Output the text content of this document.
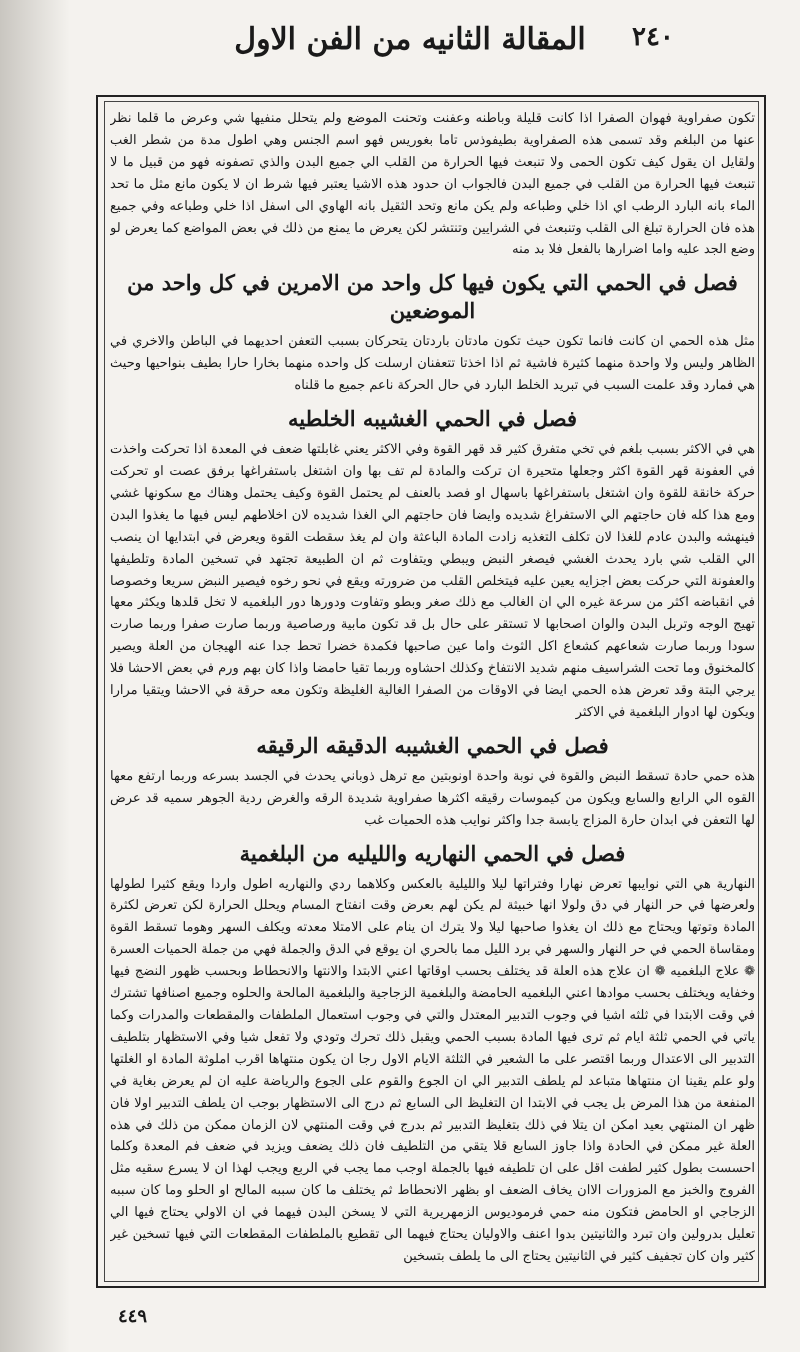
المقالة الثانيه من الفن الاول	٢٤٠

تكون صفراوية فهوان الصفرا اذا كانت قليلة وباطنه وعفنت وتحنت الموضع ولم يتحلل منفيها شي وعرض ما قلما نظر عنها من البلغم وقد تسمى هذه الصفراوية بطيفوذس تاما بغوريس فهو اسم الجنس وهي اطول مدة من شطر الغب ولقايل ان يقول كيف تكون الحمى ولا تنبعث فيها الحرارة من القلب الي جميع البدن والذي تصفونه فهو من قبيل ما لا تنبعث فيها الحرارة من القلب في جميع البدن فالجواب ان حدود هذه الاشيا يعتبر فيها شرط ان لا يكون مانع مثل ما تحد الماء بانه البارد الرطب اي اذا خلي وطباعه ولم يكن مانع وتحد الثقيل بانه الهاوي الى اسفل اذا خلي وطباعه وفي جميع هذه فان الحرارة تبلغ الى القلب وتنبعث في الشرايين وتنتشر لكن يعرض ما يمنع من ذلك في بعض المواضع كما يعرض لو وضع الجد عليه واما اضرارها بالفعل فلا بد منه

فصل في الحمي التي يكون فيها كل واحد من الامرين في كل واحد من الموضعين

مثل هذه الحمي ان كانت فانما تكون حيث تكون مادتان باردتان يتحركان بسبب التعفن احديهما في الباطن والاخري في الظاهر وليس ولا واحدة منهما كثيرة فاشية ثم اذا اخذتا تتعفنان ارسلت كل واحده منهما بخارا حارا بطيف بنواحيها وحيث هي فمارد وقد علمت السبب في تبريد الخلط البارد في حال الحركة ناعم جميع ما قلناه

فصل في الحمي الغشيبه الخلطيه

هي في الاكثر بسبب بلغم في تخي متفرق كثير قد قهر القوة وفي الاكثر يعني غابلتها ضعف في المعدة اذا تحركت واخذت في العفونة قهر القوة اكثر وجعلها متحيرة ان تركت والمادة لم تف بها وان اشتغل باستفراغها برفق عصت او تحركت حركة خانقة للقوة وان اشتغل باستفراغها باسهال او فصد بالعنف لم يحتمل القوة وكيف يحتمل وهناك مع سكونها غشي ومع هذا كله فان حاجتهم الي الاستفراغ شديده وايضا فان حاجتهم الي الغذا شديده لان اخلاطهم ليس فيها ما يغذوا البدن فينهشه والبدن عادم للغذا لان تكلف التغذيه زادت المادة الباعثة وان لم يغذ سقطت القوة ويعرض في ابتدايها ان ينصب الي القلب شي بارد يحدث الغشي فيصغر النبض ويبطي ويتفاوت ثم ان الطبيعة تجتهد في تسخين المادة وتلطيفها والعفونة التي حركت بعض اجزايه يعين عليه فيتخلص القلب من ضرورته ويقع في نحو رخوه فيصير النبض سريعا وخصوصا في انقباضه اكثر من سرعة غيره الي ان الغالب مع ذلك صغر وبطو وتفاوت ودورها دور البلغميه لا تخل قلدها ويكثر معها تهيج الوجه وتربل البدن والوان اصحابها لا تستقر على حال بل قد تكون مابية ورصاصية وربما صارت صفرا وربما صارت سودا وربما صارت شعاعهم كشعاع اكل الثوث واما عين صاحبها فكمدة خضرا تحط جدا عنه الهيجان من العلة ويصير كالمخنوق وما تحت الشراسيف منهم شديد الانتفاخ وكذلك احشاوه وربما تقيا حامضا واذا كان بهم ورم في بعض الاحشا فلا يرجي البتة وقد تعرض هذه الحمي ايضا في الاوقات من الصفرا الغالية الغليظة وتكون معه حرقة في الاحشا ويتقيا مرارا ويكون لها ادوار البلغمية في الاكثر

فصل في الحمي الغشيبه الدقيقه الرقيقه

هذه حمي حادة تسقط النبض والقوة في نوبة واحدة اونوبتين مع ترهل ذوباني يحدث في الجسد بسرعه وربما ارتفع معها القوه الي الرابع والسابع ويكون من كيموسات رقيقه اكثرها صفراوية شديدة الرقه والغرض ردية الجوهر سميه قد عرض لها التعفن في ابدان حارة المزاج يابسة جدا واكثر نوايب هذه الحميات غب

فصل في الحمي النهاريه والليليه من البلغمية

النهارية هي التي نوايبها تعرض نهارا وفتراتها ليلا والليلية بالعكس وكلاهما ردي والنهاريه اطول واردا ويقع كثيرا لطولها ولعرضها في حر النهار في دق ولولا انها خبيثة لم يكن لهم بعرض وقت انفتاح المسام ويحلل الحرارة لكن تعرض لكثرة المادة وتوتها ويحتاج مع ذلك ان يغذوا صاحبها ليلا ولا يترك ان ينام على الامتلا معدته ويكلف السهر وهوما تسقط القوة ومقاساة الحمي في حر النهار والسهر في برد الليل مما بالحري ان يوقع في الدق والجملة فهي من جملة الحميات العسرة ❁ علاج البلغميه ❁ ان علاج هذه العلة قد يختلف بحسب اوقاتها اعني الابتدا والانتها والانحطاط وبحسب ظهور النضج فيها وخفايه ويختلف بحسب موادها اعني البلغميه الحامضة والبلغمية الزجاجية والبلغمية المالحة والحلوه وجميع اصنافها تشترك في وقت الابتدا في ثلثه اشيا في وجوب التدبير المعتدل والتي في وجوب استعمال الملطفات والمقطعات والمدرات وكما ياتي في الحمي ثلثة ايام ثم ترى فيها المادة بسبب الحمي ويقبل ذلك تحرك وتودي ولا تفعل شيا وفي الاستظهار بتلطيف التدبير الى الاعتدال وربما اقتصر على ما الشعير في الثلثة الايام الاول رجا ان يكون منتهاها اقرب املوثة المادة او الغلتها ولو علم يقينا ان منتهاها متباعد لم يلطف التدبير الي ان الجوع والقوم على الجوع والرياضة عليه ان لم يعرض بغاية في المنفعة من هذا المرض بل يجب في الابتدا ان التغليظ الى السابع ثم درج الى الاستظهار بوجب ان يلطف التدبير اولا فان ظهر ان المنتهي بعيد امكن ان يتلا في ذلك بتغليظ التدبير ثم بدرج في وقت المنتهي لان الزمان ممكن من ذلك في هذه العلة غير ممكن في الحادة واذا جاوز السابع قلا يتقي من التلطيف فان ذلك يضعف ويزيد في ضعف فم المعدة وكلما احسست بطول كثير لطفت اقل على ان تلطيفه فيها بالجملة اوجب مما يجب في الربع ويجب لهذا ان لا يسرع سقيه مثل الفروج والخبز مع المزورات الاان يخاف الضعف او بظهر الانحطاط ثم يختلف ما كان سببه المالح او الحلو وما كان سببه الزجاجي او الحامض فتكون منه حمي فرموديوس الزمهريرية التي لا يسخن البدن فيهما في ان الاولي يحتاج فيها الي تعليل بدرولين وان تبرد والثانيتين بدوا اعنف والاوليان يحتاج فيهما الى تقطيع بالملطفات المقطعات التي فيها تسخين غير كثير وان كان تجفيف كثير في الثانيتين يحتاج الى ما يلطف بتسخين

٤٤٩
